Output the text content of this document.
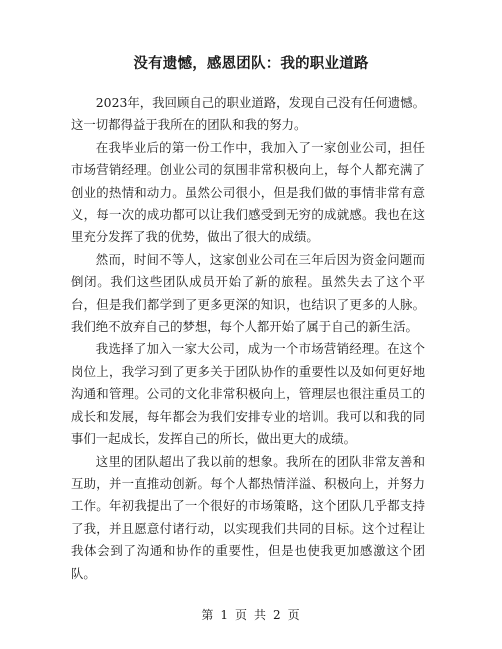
没有遗憾，感恩团队：我的职业道路

2023年，我回顾自己的职业道路，发现自己没有任何遗憾。这一切都得益于我所在的团队和我的努力。

在我毕业后的第一份工作中，我加入了一家创业公司，担任市场营销经理。创业公司的氛围非常积极向上，每个人都充满了创业的热情和动力。虽然公司很小，但是我们做的事情非常有意义，每一次的成功都可以让我们感受到无穷的成就感。我也在这里充分发挥了我的优势，做出了很大的成绩。

然而，时间不等人，这家创业公司在三年后因为资金问题而倒闭。我们这些团队成员开始了新的旅程。虽然失去了这个平台，但是我们都学到了更多更深的知识，也结识了更多的人脉。我们绝不放弃自己的梦想，每个人都开始了属于自己的新生活。

我选择了加入一家大公司，成为一个市场营销经理。在这个岗位上，我学习到了更多关于团队协作的重要性以及如何更好地沟通和管理。公司的文化非常积极向上，管理层也很注重员工的成长和发展，每年都会为我们安排专业的培训。我可以和我的同事们一起成长，发挥自己的所长，做出更大的成绩。

这里的团队超出了我以前的想象。我所在的团队非常友善和互助，并一直推动创新。每个人都热情洋溢、积极向上，并努力工作。年初我提出了一个很好的市场策略，这个团队几乎都支持了我，并且愿意付诸行动，以实现我们共同的目标。这个过程让我体会到了沟通和协作的重要性，但是也使我更加感激这个团队。

第 1 页 共 2 页
